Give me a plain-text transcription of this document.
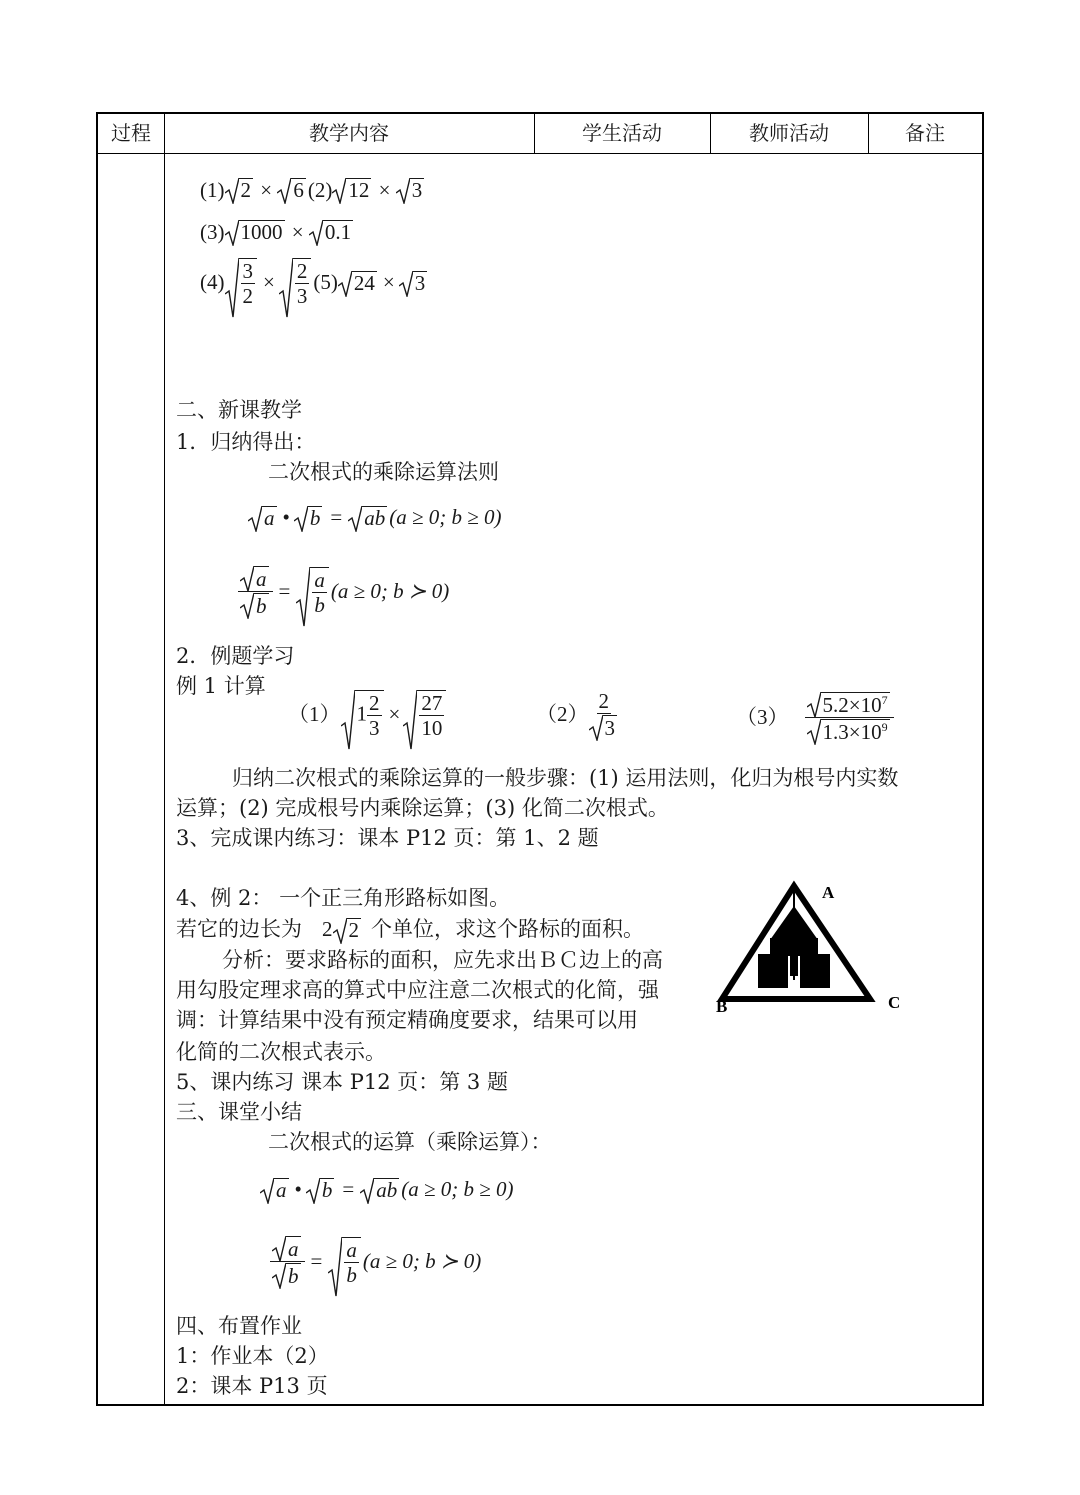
过程	教学内容	学生活动	教师活动	备注
(1) 2 × 6 (2) 12 × 3
(3) 1000 × 0.1
$(4) \frac{3}{2} \times \frac{2}{3} (5) 24 \times 3$
二、新课教学
1．归纳得出：
二次根式的乘除运算法则
a • b =	ab (a ≥ 0; b ≥ 0)
$\frac{a}{b} = \frac{a}{b} (a \ge 0$; b ≻ 0)
2．例题学习
例 1 计算
（1） $1 \frac{2}{3} \times \frac{27}{10}$	$(2) \frac{2}{3}$	$(3) \frac{5.2\times 10^7}{1.3\times 10^9}$
归纳二次根式的乘除运算的一般步骤：(1) 运用法则，化归为根号内实数
运算；(2) 完成根号内乘除运算；(3) 化简二次根式。
3、完成课内练习：课本 P12 页：第 1、2 题
4、例 2： 一个正三角形路标如图。
若它的边长为 2 2 个单位，求这个路标的面积。
分析：要求路标的面积，应先求出ＢＣ边上的高
用勾股定理求高的算式中应注意二次根式的化简，强
调：计算结果中没有预定精确度要求，结果可以用
化简的二次根式表示。
A
B	C
5、课内练习 课本 P12 页：第 3 题
三、课堂小结
二次根式的运算（乘除运算）：
a • b =	ab (a ≥ 0; b ≥ 0)
$\frac{a}{b} = \frac{a}{b} (a \ge 0$; b ≻ 0)
四、布置作业
1：作业本（2）
2：课本 P13 页
